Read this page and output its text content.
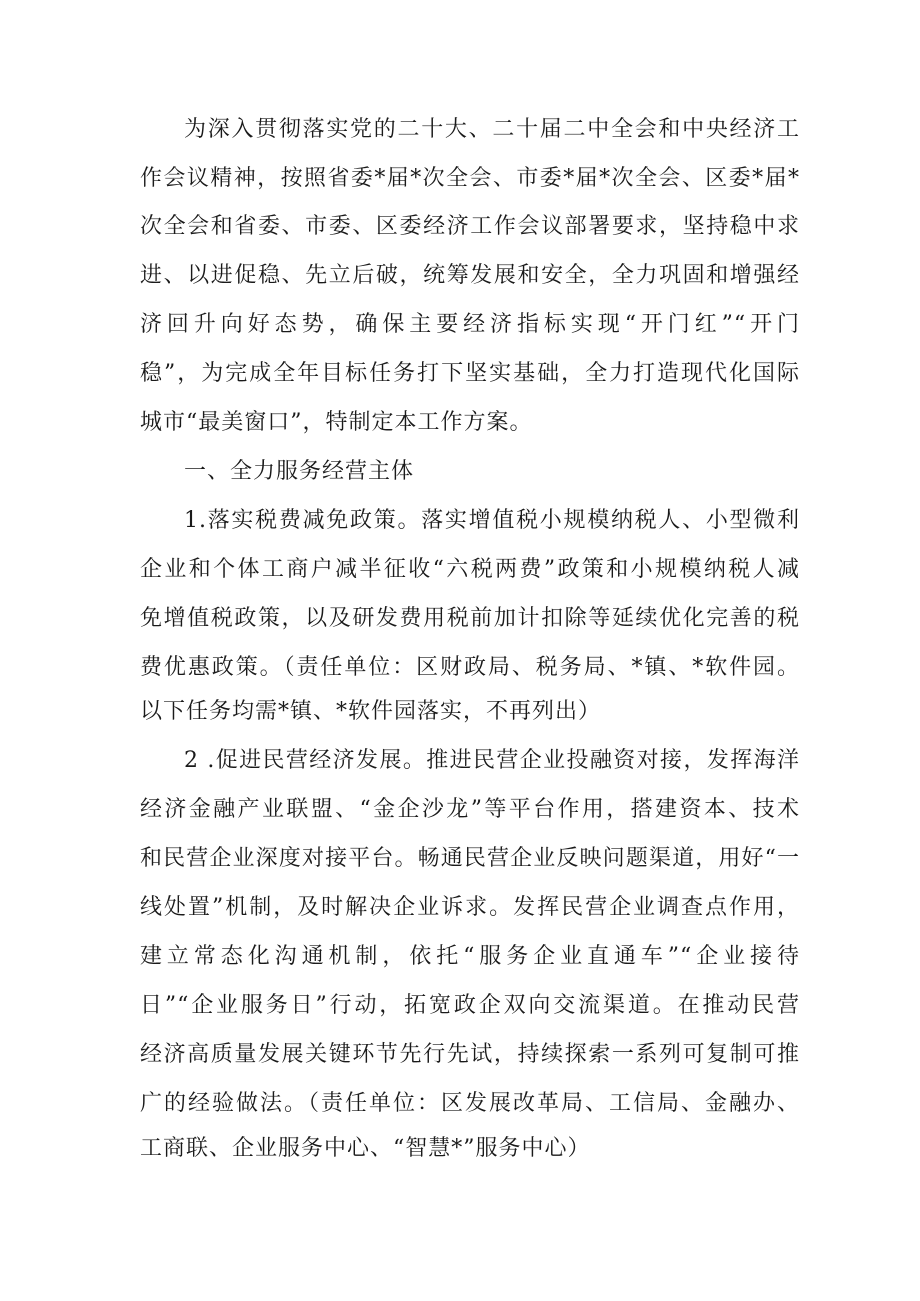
为深入贯彻落实党的二十大、二十届二中全会和中央经济工
作会议精神，按照省委*届*次全会、市委*届*次全会、区委*届*
次全会和省委、市委、区委经济工作会议部署要求，坚持稳中求
进、以进促稳、先立后破，统筹发展和安全，全力巩固和增强经
济回升向好态势，确保主要经济指标实现“开门红”“开门
稳”，为完成全年目标任务打下坚实基础，全力打造现代化国际
城市“最美窗口”，特制定本工作方案。
一、全力服务经营主体
1.落实税费减免政策。落实增值税小规模纳税人、小型微利
企业和个体工商户减半征收“六税两费”政策和小规模纳税人减
免增值税政策，以及研发费用税前加计扣除等延续优化完善的税
费优惠政策。（责任单位：区财政局、税务局、*镇、*软件园。
以下任务均需*镇、*软件园落实，不再列出）
2 .促进民营经济发展。推进民营企业投融资对接，发挥海洋
经济金融产业联盟、“金企沙龙”等平台作用，搭建资本、技术
和民营企业深度对接平台。畅通民营企业反映问题渠道，用好“一
线处置”机制，及时解决企业诉求。发挥民营企业调查点作用，
建立常态化沟通机制，依托“服务企业直通车”“企业接待
日”“企业服务日”行动，拓宽政企双向交流渠道。在推动民营
经济高质量发展关键环节先行先试，持续探索一系列可复制可推
广的经验做法。（责任单位：区发展改革局、工信局、金融办、
工商联、企业服务中心、“智慧*”服务中心）
